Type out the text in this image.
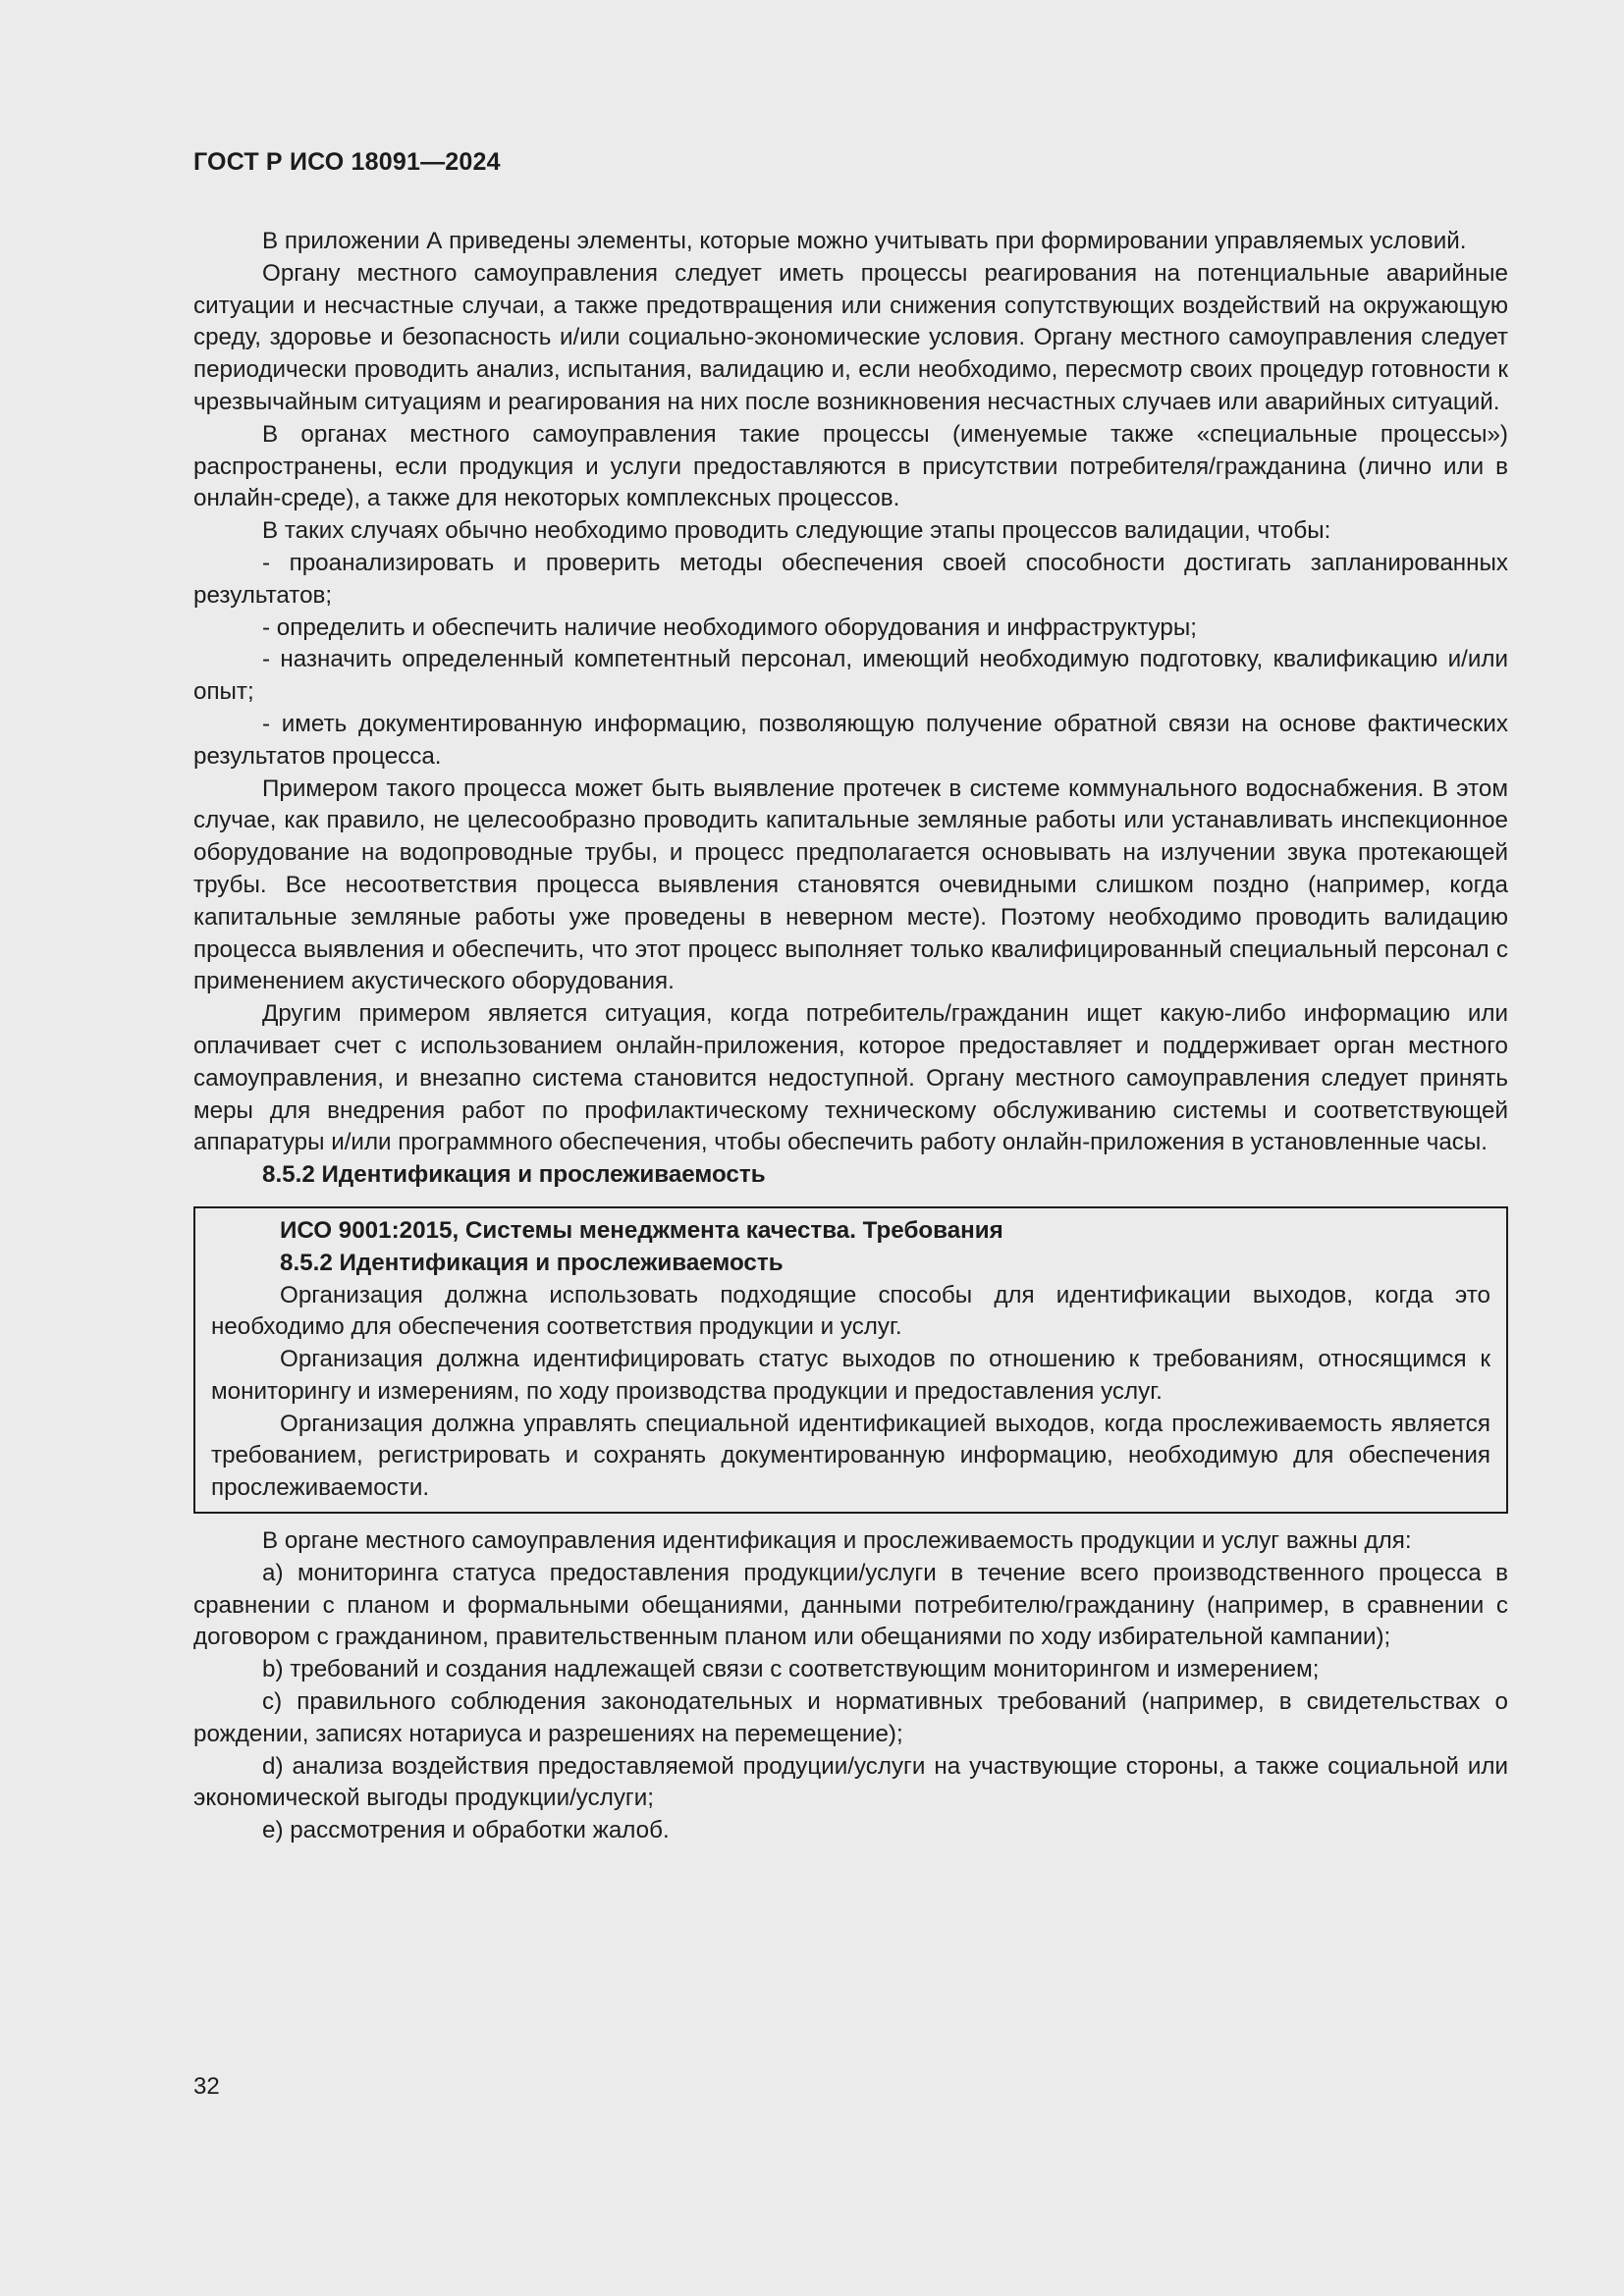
ГОСТ Р ИСО 18091—2024

В приложении А приведены элементы, которые можно учитывать при формировании управляемых условий.

Органу местного самоуправления следует иметь процессы реагирования на потенциальные аварийные ситуации и несчастные случаи, а также предотвращения или снижения сопутствующих воздействий на окружающую среду, здоровье и безопасность и/или социально-экономические условия. Органу местного самоуправления следует периодически проводить анализ, испытания, валидацию и, если необходимо, пересмотр своих процедур готовности к чрезвычайным ситуациям и реагирования на них после возникновения несчастных случаев или аварийных ситуаций.

В органах местного самоуправления такие процессы (именуемые также «специальные процессы») распространены, если продукция и услуги предоставляются в присутствии потребителя/гражданина (лично или в онлайн-среде), а также для некоторых комплексных процессов.

В таких случаях обычно необходимо проводить следующие этапы процессов валидации, чтобы:

- проанализировать и проверить методы обеспечения своей способности достигать запланированных результатов;

- определить и обеспечить наличие необходимого оборудования и инфраструктуры;

- назначить определенный компетентный персонал, имеющий необходимую подготовку, квалификацию и/или опыт;

- иметь документированную информацию, позволяющую получение обратной связи на основе фактических результатов процесса.

Примером такого процесса может быть выявление протечек в системе коммунального водоснабжения. В этом случае, как правило, не целесообразно проводить капитальные земляные работы или устанавливать инспекционное оборудование на водопроводные трубы, и процесс предполагается основывать на излучении звука протекающей трубы. Все несоответствия процесса выявления становятся очевидными слишком поздно (например, когда капитальные земляные работы уже проведены в неверном месте). Поэтому необходимо проводить валидацию процесса выявления и обеспечить, что этот процесс выполняет только квалифицированный специальный персонал с применением акустического оборудования.

Другим примером является ситуация, когда потребитель/гражданин ищет какую-либо информацию или оплачивает счет с использованием онлайн-приложения, которое предоставляет и поддерживает орган местного самоуправления, и внезапно система становится недоступной. Органу местного самоуправления следует принять меры для внедрения работ по профилактическому техническому обслуживанию системы и соответствующей аппаратуры и/или программного обеспечения, чтобы обеспечить работу онлайн-приложения в установленные часы.

8.5.2 Идентификация и прослеживаемость

ИСО 9001:2015, Системы менеджмента качества. Требования

8.5.2 Идентификация и прослеживаемость

Организация должна использовать подходящие способы для идентификации выходов, когда это необходимо для обеспечения соответствия продукции и услуг.

Организация должна идентифицировать статус выходов по отношению к требованиям, относящимся к мониторингу и измерениям, по ходу производства продукции и предоставления услуг.

Организация должна управлять специальной идентификацией выходов, когда прослеживаемость является требованием, регистрировать и сохранять документированную информацию, необходимую для обеспечения прослеживаемости.

В органе местного самоуправления идентификация и прослеживаемость продукции и услуг важны для:

a) мониторинга статуса предоставления продукции/услуги в течение всего производственного процесса в сравнении с планом и формальными обещаниями, данными потребителю/гражданину (например, в сравнении с договором с гражданином, правительственным планом или обещаниями по ходу избирательной кампании);

b) требований и создания надлежащей связи с соответствующим мониторингом и измерением;

c) правильного соблюдения законодательных и нормативных требований (например, в свидетельствах о рождении, записях нотариуса и разрешениях на перемещение);

d) анализа воздействия предоставляемой продуции/услуги на участвующие стороны, а также социальной или экономической выгоды продукции/услуги;

e) рассмотрения и обработки жалоб.

32
